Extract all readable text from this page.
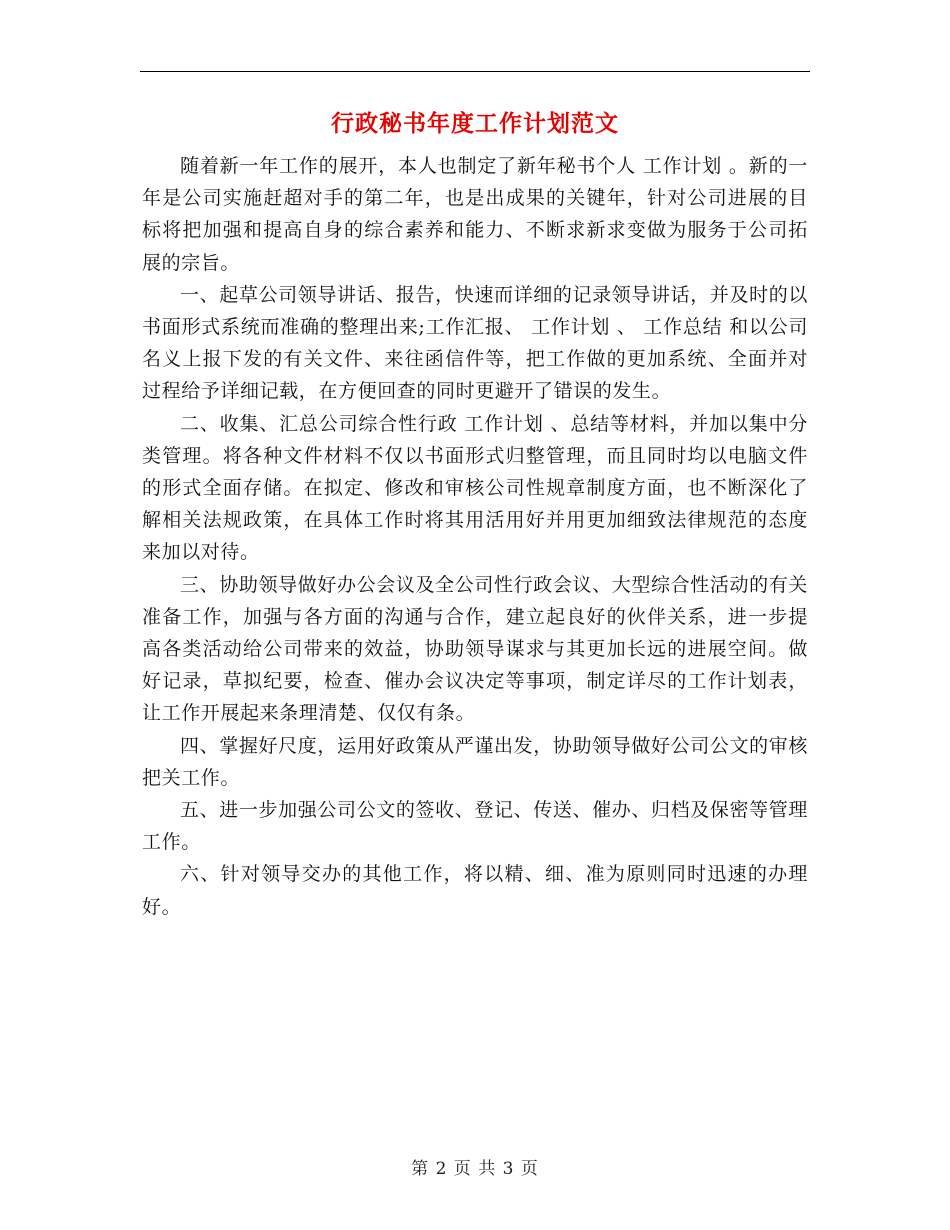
行政秘书年度工作计划范文

随着新一年工作的展开，本人也制定了新年秘书个人 工作计划 。新的一年是公司实施赶超对手的第二年，也是出成果的关键年，针对公司进展的目标将把加强和提高自身的综合素养和能力、不断求新求变做为服务于公司拓展的宗旨。

一、起草公司领导讲话、报告，快速而详细的记录领导讲话，并及时的以书面形式系统而准确的整理出来;工作汇报、 工作计划 、 工作总结 和以公司名义上报下发的有关文件、来往函信件等，把工作做的更加系统、全面并对过程给予详细记载，在方便回查的同时更避开了错误的发生。

二、收集、汇总公司综合性行政 工作计划 、总结等材料，并加以集中分类管理。将各种文件材料不仅以书面形式归整管理，而且同时均以电脑文件的形式全面存储。在拟定、修改和审核公司性规章制度方面，也不断深化了解相关法规政策，在具体工作时将其用活用好并用更加细致法律规范的态度来加以对待。

三、协助领导做好办公会议及全公司性行政会议、大型综合性活动的有关准备工作，加强与各方面的沟通与合作，建立起良好的伙伴关系，进一步提高各类活动给公司带来的效益，协助领导谋求与其更加长远的进展空间。做好记录，草拟纪要，检查、催办会议决定等事项，制定详尽的工作计划表，让工作开展起来条理清楚、仅仅有条。

四、掌握好尺度，运用好政策从严谨出发，协助领导做好公司公文的审核把关工作。

五、进一步加强公司公文的签收、登记、传送、催办、归档及保密等管理工作。

六、针对领导交办的其他工作，将以精、细、准为原则同时迅速的办理好。

第 2 页 共 3 页
